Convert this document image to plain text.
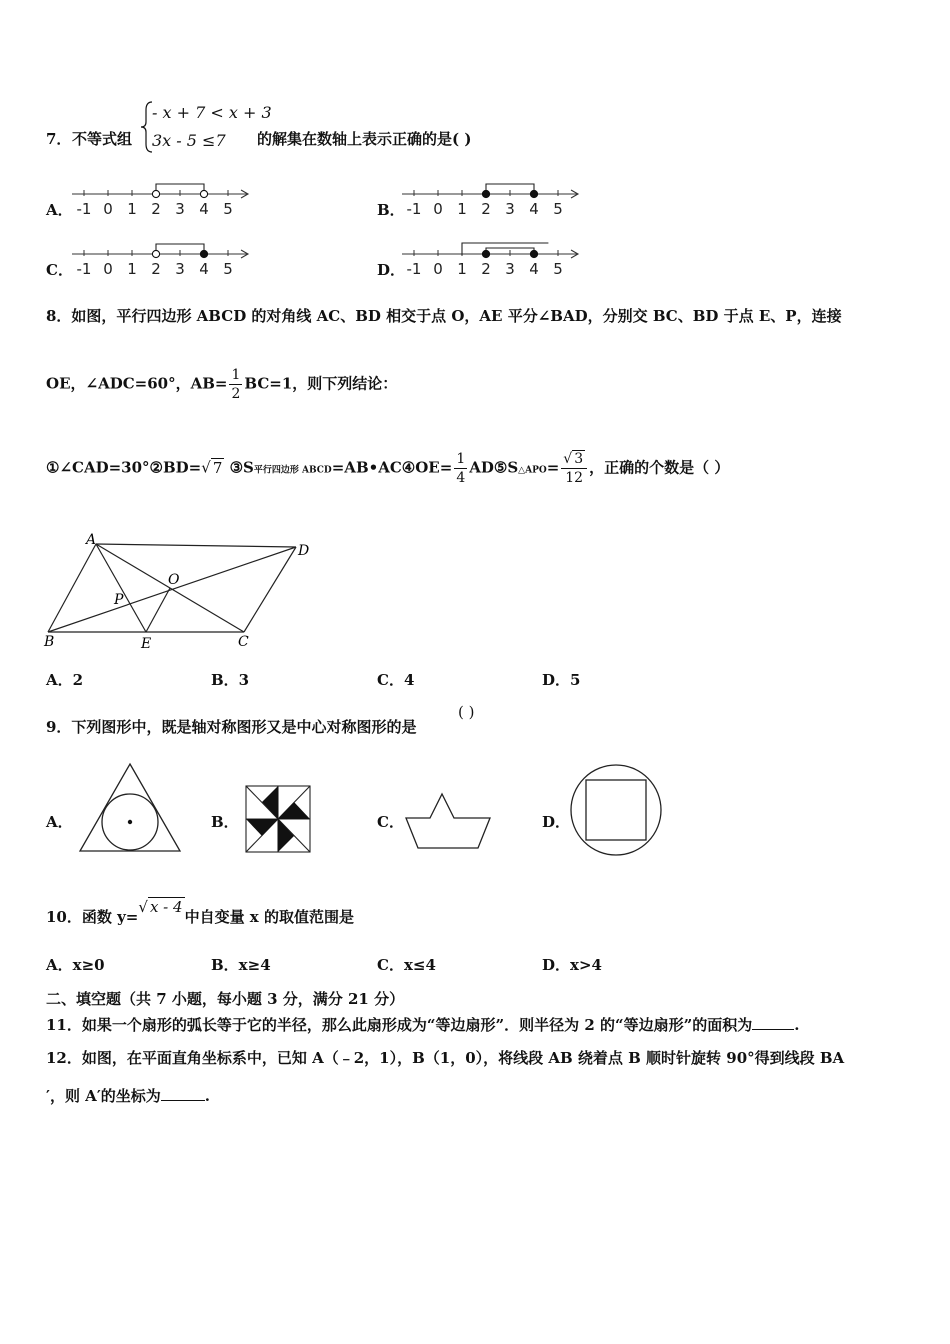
7． 不等式组
- x + 7 < x + 3
3x - 5 ≤7 的解集在数轴上表示正确的是( )
A．	B．
C．	D．
-1 0 1 2 3 4 5	-1 0 1 2 3 4 5
-1 0 1 2 3 4 5	-1 0 1 2 3 4 5
8．如图，平行四边形 ABCD 的对角线 AC、BD 相交于点 O，AE 平分∠BAD，分别交 BC、BD 于点 E、P，连接
OE，∠ADC=60°，$AB= \frac{1}{2} BC=1$，则下列结论：
①∠CAD=30°②BD=√ 7 ③S平行四边形 ABCD=AB•AC④OE= $\frac{1}{4}$ AD⑤S△APO= $\frac{√ 3}{12}$ ，正确的个数是（ ）
A
D
B	C
O
P
E
A．2	B．3	C．4	D．5
9．下列图形中，既是轴对称图形又是中心对称图形的是
( )
A．	B．	C．	D．
10．函数 y=√ x - 4中自变量 x 的取值范围是
A．x≥0	B．x≥4	C．x≤4	D．x>4
二、填空题（共 7 小题，每小题 3 分，满分 21 分）
11．如果一个扇形的弧长等于它的半径，那么此扇形成为“等边扇形”．则半径为 2 的“等边扇形”的面积为	.
12．如图，在平面直角坐标系中，已知 A（﹣2，1），B（1，0），将线段 AB 绕着点 B 顺时针旋转 90°得到线段 BA
′，则 A′的坐标为	.
